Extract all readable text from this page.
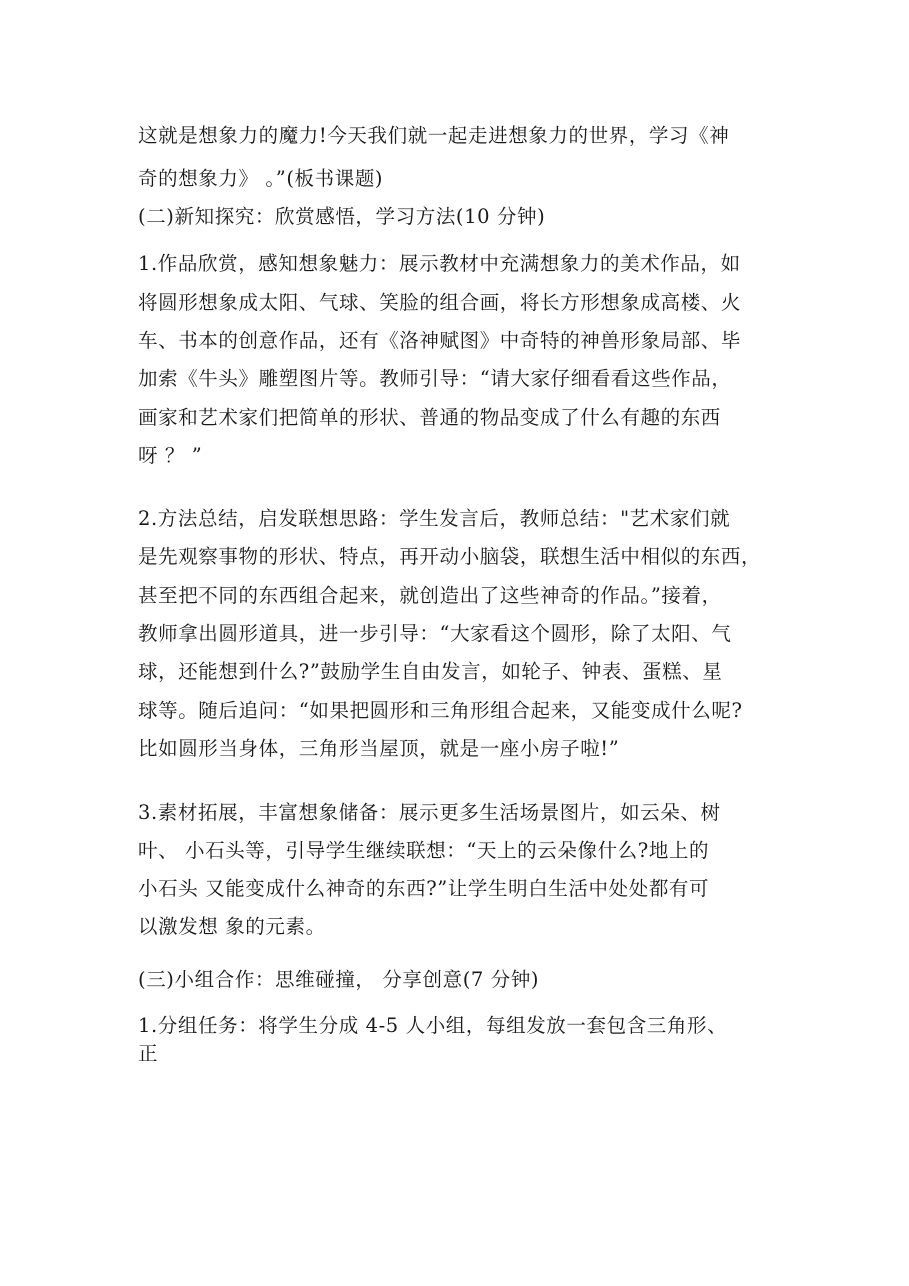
这就是想象力的魔力!今天我们就一起走进想象力的世界，学习《神
奇的想象力》 。”(板书课题)
(二)新知探究：欣赏感悟，学习方法(10 分钟)
1.作品欣赏，感知想象魅力：展示教材中充满想象力的美术作品，如
将圆形想象成太阳、气球、笑脸的组合画，将长方形想象成高楼、火
车、书本的创意作品，还有《洛神赋图》中奇特的神兽形象局部、毕
加索《牛头》雕塑图片等。教师引导：“请大家仔细看看这些作品，
画家和艺术家们把简单的形状、普通的物品变成了什么有趣的东西
呀 ？ ”
2.方法总结，启发联想思路：学生发言后，教师总结："艺术家们就
是先观察事物的形状、特点，再开动小脑袋，联想生活中相似的东西，
甚至把不同的东西组合起来，就创造出了这些神奇的作品。”接着，
教师拿出圆形道具，进一步引导：“大家看这个圆形，除了太阳、气
球，还能想到什么?”鼓励学生自由发言，如轮子、钟表、蛋糕、星
球等。随后追问：“如果把圆形和三角形组合起来，又能变成什么呢?
比如圆形当身体，三角形当屋顶，就是一座小房子啦!”
3.素材拓展，丰富想象储备：展示更多生活场景图片，如云朵、树
叶、 小石头等，引导学生继续联想：“天上的云朵像什么?地上的
小石头 又能变成什么神奇的东西?”让学生明白生活中处处都有可
以激发想 象的元素。
(三)小组合作：思维碰撞， 分享创意(7 分钟)
1.分组任务：将学生分成 4-5 人小组，每组发放一套包含三角形、
正
